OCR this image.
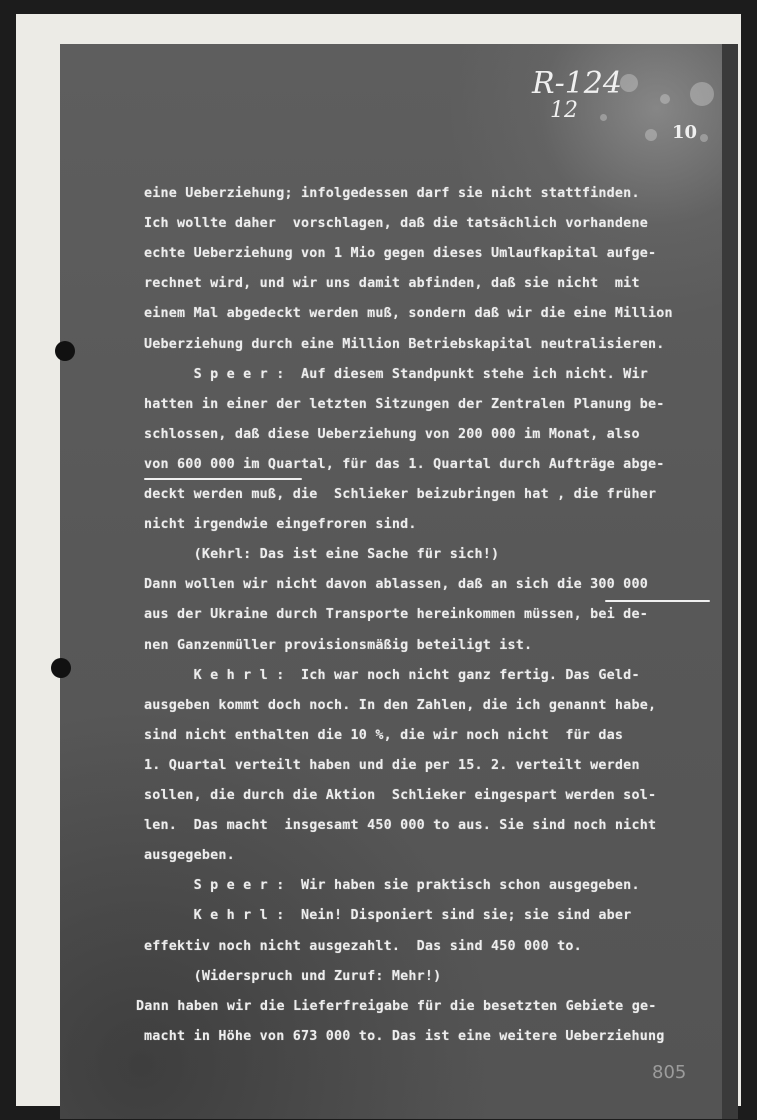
R-124
12
10
eine Ueberziehung; infolgedessen darf sie nicht stattfinden.
Ich wollte daher  vorschlagen, daß die tatsächlich vorhandene
echte Ueberziehung von 1 Mio gegen dieses Umlaufkapital aufge-
rechnet wird, und wir uns damit abfinden, daß sie nicht  mit
einem Mal abgedeckt werden muß, sondern daß wir die eine Million
Ueberziehung durch eine Million Betriebskapital neutralisieren.
S p e e r :  Auf diesem Standpunkt stehe ich nicht. Wir
hatten in einer der letzten Sitzungen der Zentralen Planung be-
schlossen, daß diese Ueberziehung von 200 000 im Monat, also
von 600 000 im Quartal, für das 1. Quartal durch Aufträge abge-
deckt werden muß, die  Schlieker beizubringen hat , die früher
nicht irgendwie eingefroren sind.
(Kehrl: Das ist eine Sache für sich!)
Dann wollen wir nicht davon ablassen, daß an sich die 300 000
aus der Ukraine durch Transporte hereinkommen müssen, bei de-
nen Ganzenmüller provisionsmäßig beteiligt ist.
K e h r l :  Ich war noch nicht ganz fertig. Das Geld-
ausgeben kommt doch noch. In den Zahlen, die ich genannt habe,
sind nicht enthalten die 10 %, die wir noch nicht  für das
1. Quartal verteilt haben und die per 15. 2. verteilt werden
sollen, die durch die Aktion  Schlieker eingespart werden sol-
len.  Das macht  insgesamt 450 000 to aus. Sie sind noch nicht
ausgegeben.
S p e e r :  Wir haben sie praktisch schon ausgegeben.
K e h r l :  Nein! Disponiert sind sie; sie sind aber
effektiv noch nicht ausgezahlt.  Das sind 450 000 to.
(Widerspruch und Zuruf: Mehr!)
Dann haben wir die Lieferfreigabe für die besetzten Gebiete ge-
macht in Höhe von 673 000 to. Das ist eine weitere Ueberziehung
805
